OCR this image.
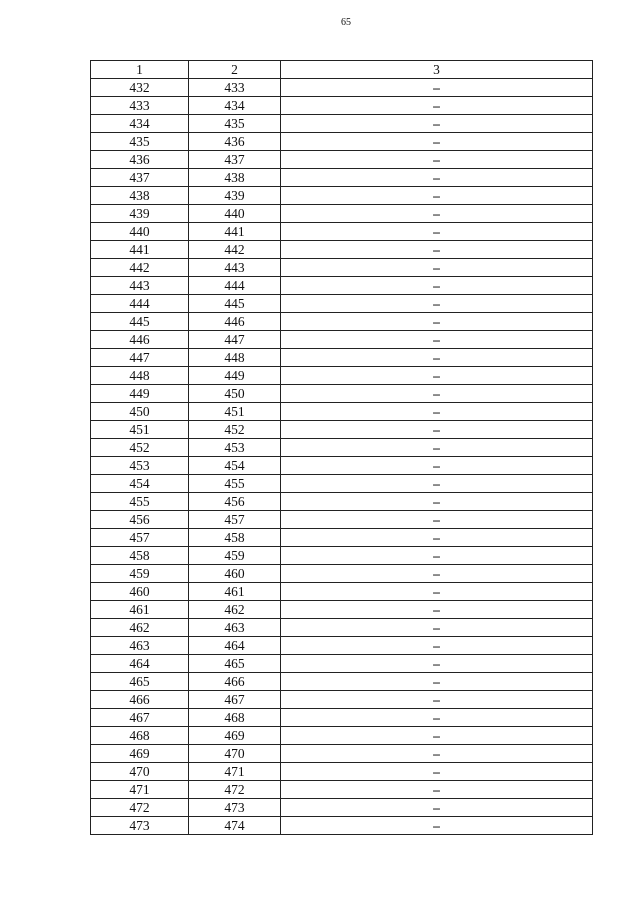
65
1	2	3
432	433	–
433	434	–
434	435	–
435	436	–
436	437	–
437	438	–
438	439	–
439	440	–
440	441	–
441	442	–
442	443	–
443	444	–
444	445	–
445	446	–
446	447	–
447	448	–
448	449	–
449	450	–
450	451	–
451	452	–
452	453	–
453	454	–
454	455	–
455	456	–
456	457	–
457	458	–
458	459	–
459	460	–
460	461	–
461	462	–
462	463	–
463	464	–
464	465	–
465	466	–
466	467	–
467	468	–
468	469	–
469	470	–
470	471	–
471	472	–
472	473	–
473	474	–
